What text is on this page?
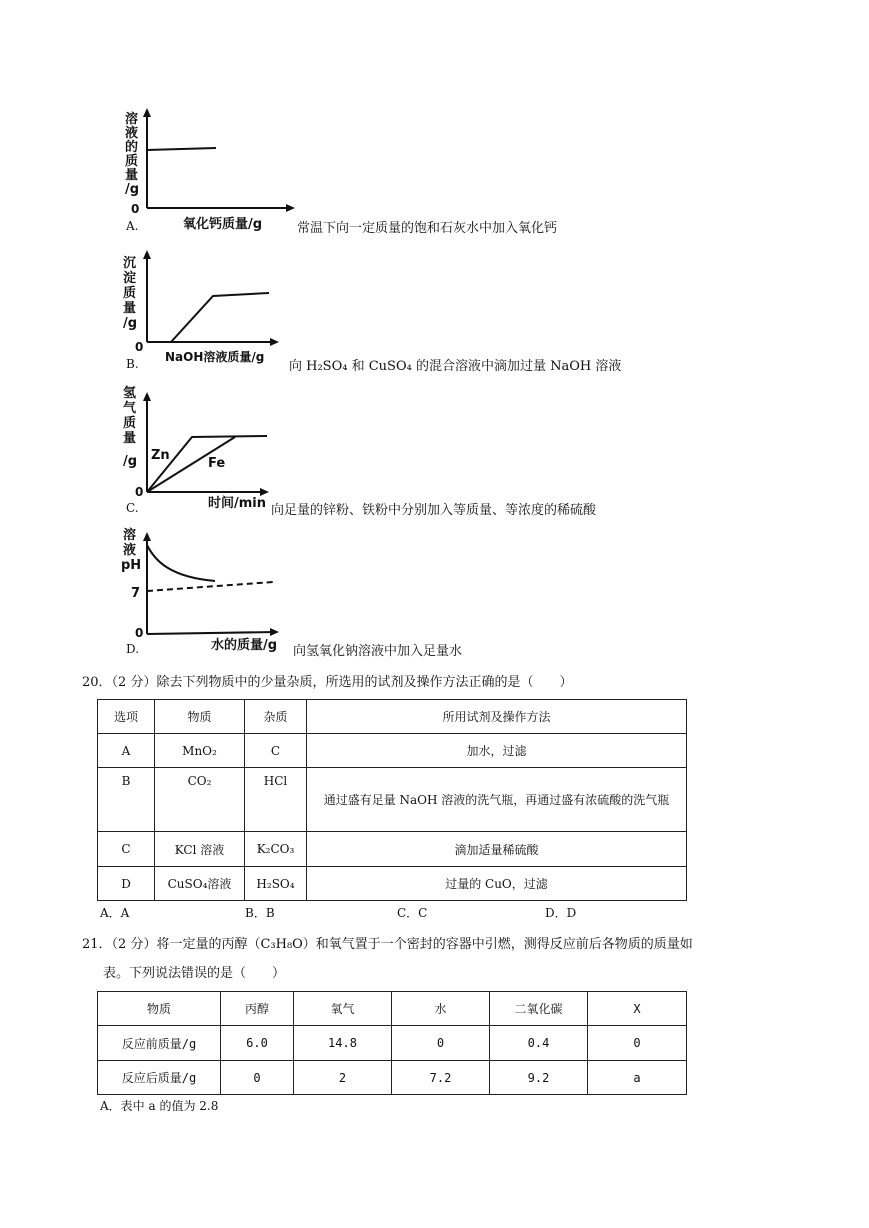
溶
液
的
质
量
/g
0
氧化钙质量/g
A.	常温下向一定质量的饱和石灰水中加入氧化钙
沉
淀
质
量
/g
0
NaOH溶液质量/g
B.	向 H₂SO₄ 和 CuSO₄ 的混合溶液中滴加过量 NaOH 溶液
氢
气
质
量
/g Zn
Fe
0
时间/min
C.	向足量的锌粉、铁粉中分别加入等质量、等浓度的稀硫酸
溶
液
pH
7
0
水的质量/g
D.	向氢氧化钠溶液中加入足量水
20．（2 分）除去下列物质中的少量杂质，所选用的试剂及操作方法正确的是（　　）
选项	物质	杂质	所用试剂及操作方法
A	MnO₂	C	加水，过滤
B	CO₂	HCl	通过盛有足量 NaOH 溶液的洗气瓶，再通过盛有浓硫酸的洗气瓶
C	KCl 溶液	K₂CO₃	滴加适量稀硫酸
D	CuSO₄溶液	H₂SO₄	过量的 CuO，过滤
A．A	B．B	C．C	D．D
21．（2 分）将一定量的丙醇（C₃H₈O）和氧气置于一个密封的容器中引燃，测得反应前后各物质的质量如
表。下列说法错误的是（　　）
物质	丙醇	氧气	水	二氧化碳	X
反应前质量/g	6.0	14.8	0	0.4	0
反应后质量/g	0	2	7.2	9.2	a
A．表中 a 的值为 2.8
